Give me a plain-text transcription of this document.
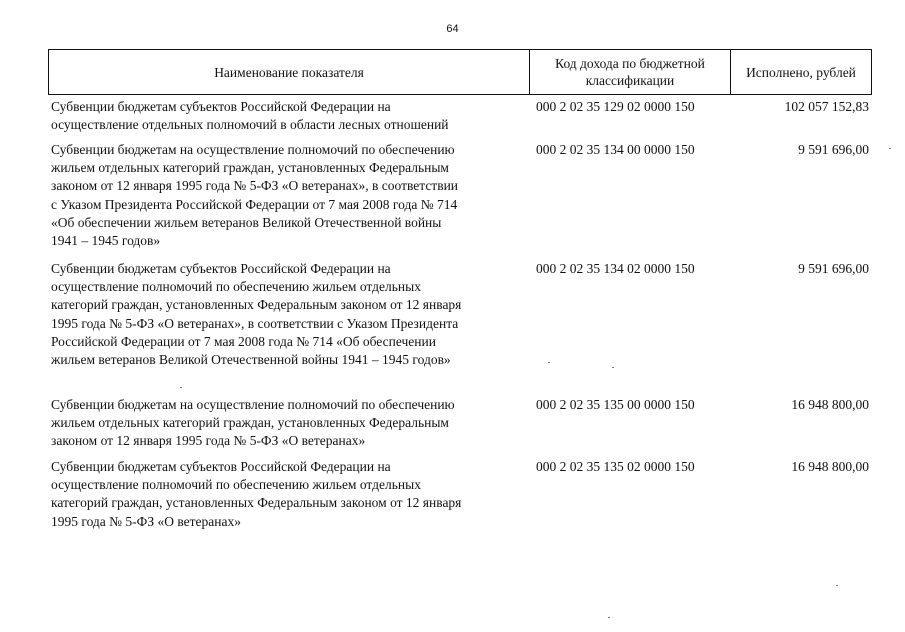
64
Наименование показателя
Код дохода по бюджетной классификации
Исполнено, рублей
Субвенции бюджетам субъектов Российской Федерации на
осуществление отдельных полномочий в области лесных отношений
000 2 02 35 129 02 0000 150	102 057 152,83
Субвенции бюджетам на осуществление полномочий по обеспечению
жильем отдельных категорий граждан, установленных Федеральным
законом от 12 января 1995 года № 5-ФЗ «О ветеранах», в соответствии
с Указом Президента Российской Федерации от 7 мая 2008 года № 714
«Об обеспечении жильем ветеранов Великой Отечественной войны
1941 – 1945 годов»
000 2 02 35 134 00 0000 150	9 591 696,00
Субвенции бюджетам субъектов Российской Федерации на
осуществление полномочий по обеспечению жильем отдельных
категорий граждан, установленных Федеральным законом от 12 января
1995 года № 5-ФЗ «О ветеранах», в соответствии с Указом Президента
Российской Федерации от 7 мая 2008 года № 714 «Об обеспечении
жильем ветеранов Великой Отечественной войны 1941 – 1945 годов»
000 2 02 35 134 02 0000 150	9 591 696,00
Субвенции бюджетам на осуществление полномочий по обеспечению
жильем отдельных категорий граждан, установленных Федеральным
законом от 12 января 1995 года № 5-ФЗ «О ветеранах»
000 2 02 35 135 00 0000 150	16 948 800,00
Субвенции бюджетам субъектов Российской Федерации на
осуществление полномочий по обеспечению жильем отдельных
категорий граждан, установленных Федеральным законом от 12 января
1995 года № 5-ФЗ «О ветеранах»
000 2 02 35 135 02 0000 150	16 948 800,00
